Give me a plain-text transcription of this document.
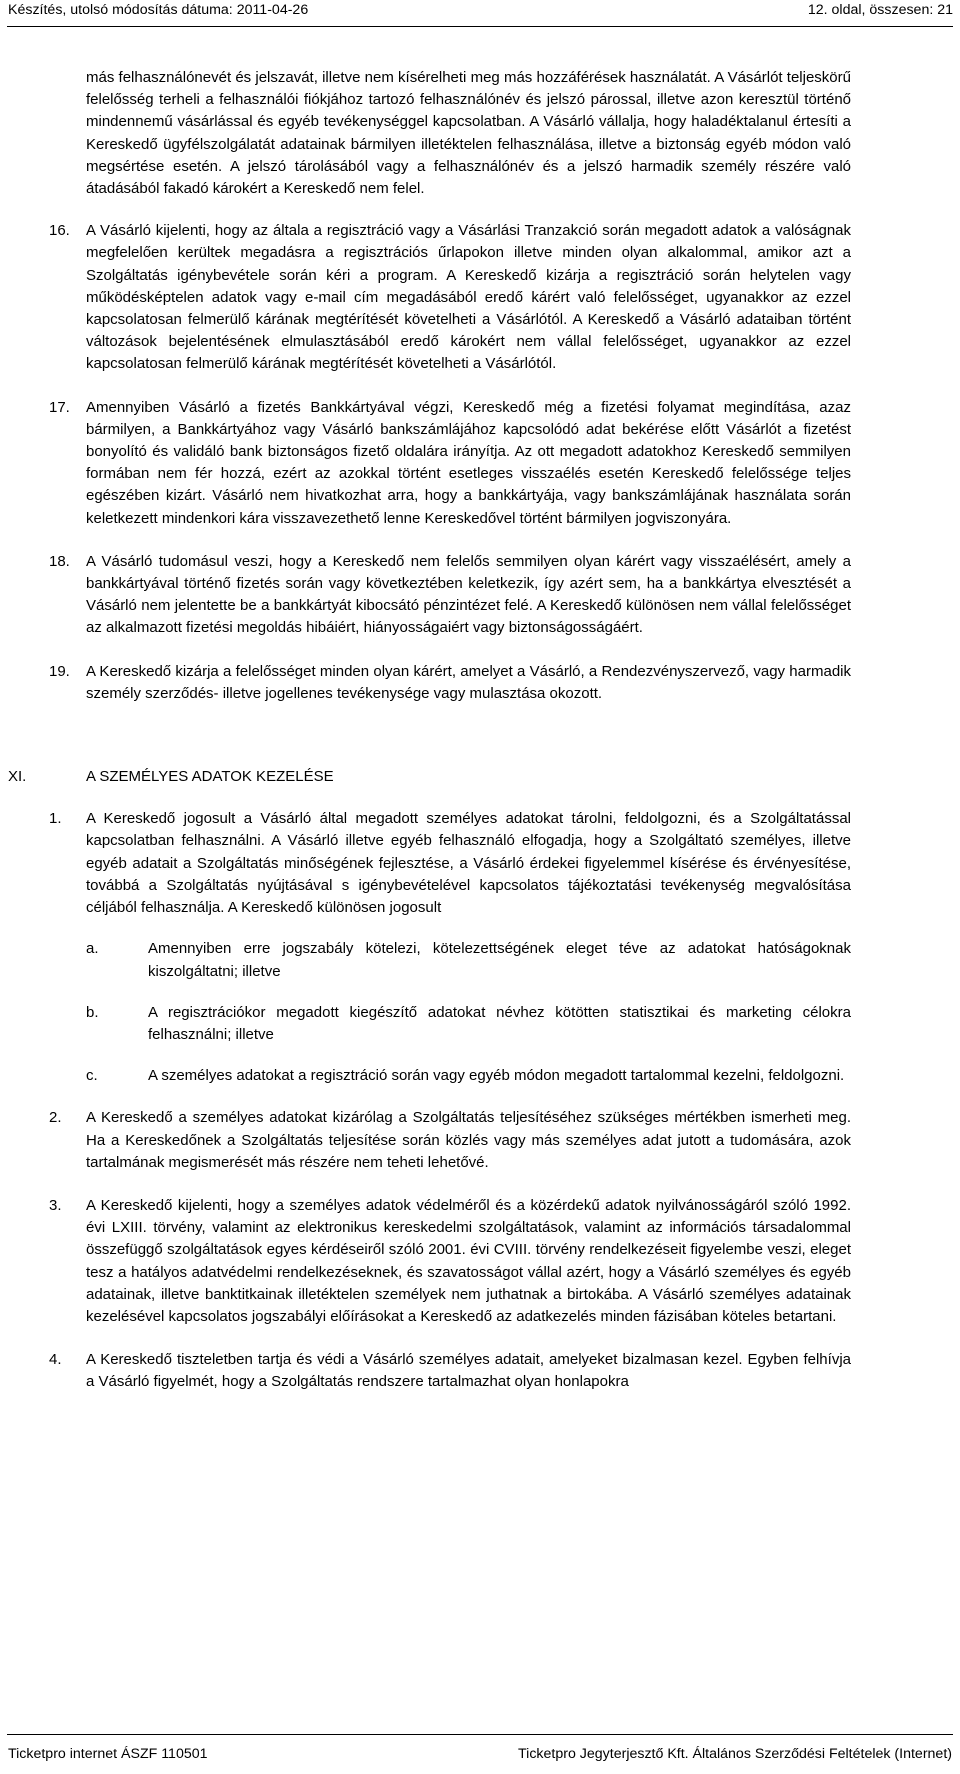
Készítés, utolsó módosítás dátuma: 2011-04-26	12. oldal, összesen: 21

más felhasználónevét és jelszavát, illetve nem kísérelheti meg más hozzáférések használatát. A Vásárlót teljeskörű felelősség terheli a felhasználói fiókjához tartozó felhasználónév és jelszó párossal, illetve azon keresztül történő mindennemű vásárlással és egyéb tevékenységgel kapcsolatban. A Vásárló vállalja, hogy haladéktalanul értesíti a Kereskedő ügyfélszolgálatát adatainak bármilyen illetéktelen felhasználása, illetve a biztonság egyéb módon való megsértése esetén. A jelszó tárolásából vagy a felhasználónév és a jelszó harmadik személy részére való átadásából fakadó károkért a Kereskedő nem felel.

16. A Vásárló kijelenti, hogy az általa a regisztráció vagy a Vásárlási Tranzakció során megadott adatok a valóságnak megfelelően kerültek megadásra a regisztrációs űrlapokon illetve minden olyan alkalommal, amikor azt a Szolgáltatás igénybevétele során kéri a program. A Kereskedő kizárja a regisztráció során helytelen vagy működésképtelen adatok vagy e-mail cím megadásából eredő kárért való felelősséget, ugyanakkor az ezzel kapcsolatosan felmerülő kárának megtérítését követelheti a Vásárlótól. A Kereskedő a Vásárló adataiban történt változások bejelentésének elmulasztásából eredő károkért nem vállal felelősséget, ugyanakkor az ezzel kapcsolatosan felmerülő kárának megtérítését követelheti a Vásárlótól.

17. Amennyiben Vásárló a fizetés Bankkártyával végzi, Kereskedő még a fizetési folyamat megindítása, azaz bármilyen, a Bankkártyához vagy Vásárló bankszámlájához kapcsolódó adat bekérése előtt Vásárlót a fizetést bonyolító és validáló bank biztonságos fizető oldalára irányítja. Az ott megadott adatokhoz Kereskedő semmilyen formában nem fér hozzá, ezért az azokkal történt esetleges visszaélés esetén Kereskedő felelőssége teljes egészében kizárt. Vásárló nem hivatkozhat arra, hogy a bankkártyája, vagy bankszámlájának használata során keletkezett mindenkori kára visszavezethető lenne Kereskedővel történt bármilyen jogviszonyára.

18. A Vásárló tudomásul veszi, hogy a Kereskedő nem felelős semmilyen olyan kárért vagy visszaélésért, amely a bankkártyával történő fizetés során vagy következtében keletkezik, így azért sem, ha a bankkártya elvesztését a Vásárló nem jelentette be a bankkártyát kibocsátó pénzintézet felé. A Kereskedő különösen nem vállal felelősséget az alkalmazott fizetési megoldás hibáiért, hiányosságaiért vagy biztonságosságáért.

19. A Kereskedő kizárja a felelősséget minden olyan kárért, amelyet a Vásárló, a Rendezvényszervező, vagy harmadik személy szerződés- illetve jogellenes tevékenysége vagy mulasztása okozott.

XI.	A SZEMÉLYES ADATOK KEZELÉSE

1. A Kereskedő jogosult a Vásárló által megadott személyes adatokat tárolni, feldolgozni, és a Szolgáltatással kapcsolatban felhasználni. A Vásárló illetve egyéb felhasználó elfogadja, hogy a Szolgáltató személyes, illetve egyéb adatait a Szolgáltatás minőségének fejlesztése, a Vásárló érdekei figyelemmel kísérése és érvényesítése, továbbá a Szolgáltatás nyújtásával s igénybevételével kapcsolatos tájékoztatási tevékenység megvalósítása céljából felhasználja. A Kereskedő különösen jogosult

a.	Amennyiben erre jogszabály kötelezi, kötelezettségének eleget téve az adatokat hatóságoknak kiszolgáltatni; illetve

b.	A regisztrációkor megadott kiegészítő adatokat névhez kötötten statisztikai és marketing célokra felhasználni; illetve

c.	A személyes adatokat a regisztráció során vagy egyéb módon megadott tartalommal kezelni, feldolgozni.

2. A Kereskedő a személyes adatokat kizárólag a Szolgáltatás teljesítéséhez szükséges mértékben ismerheti meg. Ha a Kereskedőnek a Szolgáltatás teljesítése során közlés vagy más személyes adat jutott a tudomására, azok tartalmának megismerését más részére nem teheti lehetővé.

3. A Kereskedő kijelenti, hogy a személyes adatok védelméről és a közérdekű adatok nyilvánosságáról szóló 1992. évi LXIII. törvény, valamint az elektronikus kereskedelmi szolgáltatások, valamint az információs társadalommal összefüggő szolgáltatások egyes kérdéseiről szóló 2001. évi CVIII. törvény rendelkezéseit figyelembe veszi, eleget tesz a hatályos adatvédelmi rendelkezéseknek, és szavatosságot vállal azért, hogy a Vásárló személyes és egyéb adatainak, illetve banktitkainak illetéktelen személyek nem juthatnak a birtokába. A Vásárló személyes adatainak kezelésével kapcsolatos jogszabályi előírásokat a Kereskedő az adatkezelés minden fázisában köteles betartani.

4. A Kereskedő tiszteletben tartja és védi a Vásárló személyes adatait, amelyeket bizalmasan kezel. Egyben felhívja a Vásárló figyelmét, hogy a Szolgáltatás rendszere tartalmazhat olyan honlapokra

Ticketpro internet ÁSZF 110501	Ticketpro Jegyterjesztő Kft. Általános Szerződési Feltételek (Internet)
